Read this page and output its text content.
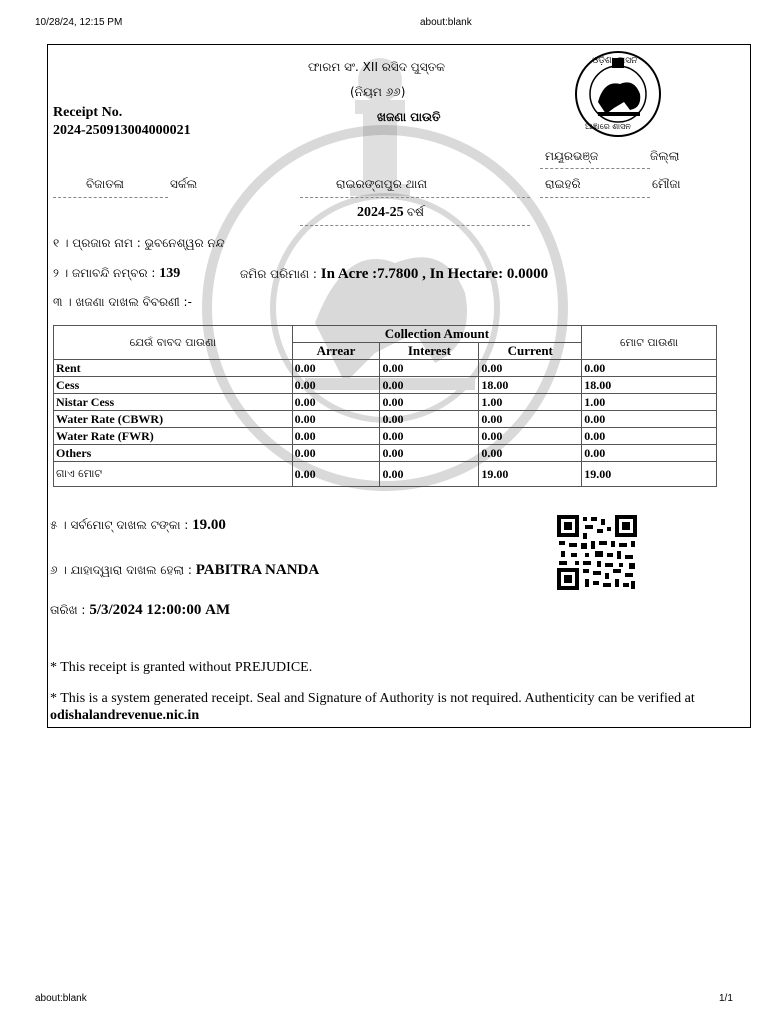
10/28/24, 12:15 PM	about:blank
ଓଡ଼ିଶା ଶାସନ
ଆଜ୍ଞାରେ ଶାସନ
ଫାରମ ସଂ. XII ରସିଦ ପୁସ୍ତକ
(ନିୟମ ୬୬)
ଖଜଣା ପାଉତି
Receipt No.
2024-250913004000021
ମୟୂରଭଞ୍ଜ	ଜିଲ୍ଲା
ବିଜାତଳା	ସର୍କଲ	ରାଇରଙ୍ଗପୁର ଥାନା	ରାଇହରି	ମୌଜା
2024-25 ବର୍ଷ
୧ । ପ୍ରଜାର ନାମ : ଭୁବନେଶ୍ୱର ନନ୍ଦ
୨ । ଜମାବନ୍ଦି ନମ୍ବର : 139	ଜମିର ପରିମାଣ : In Acre :7.7800 , In Hectare: 0.0000
୩ । ଖଜଣା ଦାଖଲ ବିବରଣୀ :-
ଯେଉଁ ବାବଦ ପାଉଣା	Collection Amount			ମୋଟ ପାଉଣା
	Arrear	Interest	Current	
Rent	0.00	0.00	0.00	0.00
Cess	0.00	0.00	18.00	18.00
Nistar Cess	0.00	0.00	1.00	1.00
Water Rate (CBWR)	0.00	0.00	0.00	0.00
Water Rate (FWR)	0.00	0.00	0.00	0.00
Others	0.00	0.00	0.00	0.00
ଗାଏ ମୋଟ	0.00	0.00	19.00	19.00
୫ । ସର୍ବମୋଟ୍ ଦାଖଲ ଟଙ୍କା : 19.00
୬ । ଯାହାଦ୍ୱାରା ଦାଖଲ ହେଲା : PABITRA NANDA
ତାରିଖ : 5/3/2024 12:00:00 AM
* This receipt is granted without PREJUDICE.
* This is a system generated receipt. Seal and Signature of Authority is not required. Authenticity can be verified at odishalandrevenue.nic.in
about:blank	1/1
